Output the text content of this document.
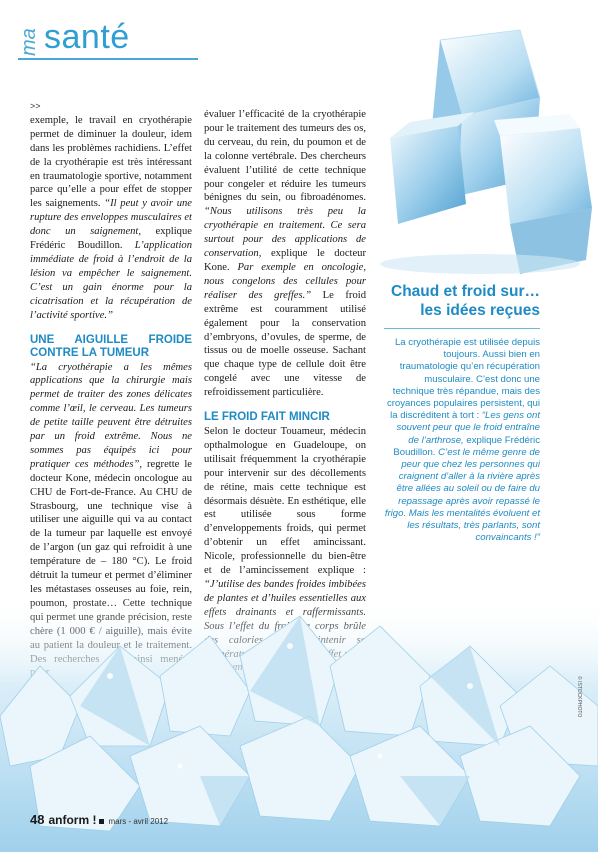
ma santé

>>

exemple, le travail en cryothérapie permet de diminuer la douleur, idem dans les problèmes rachidiens. L’effet de la cryothérapie est très intéressant en traumatologie sportive, notamment parce qu’elle a pour effet de stopper les saignements. “Il peut y avoir une rupture des enveloppes musculaires et donc un saignement, explique Frédéric Boudillon. L’application immédiate de froid à l’endroit de la lésion va empêcher le saignement. C’est un gain énorme pour la cicatrisation et la récupération de l’activité sportive.”

UNE AIGUILLE FROIDE CONTRE LA TUMEUR

“La cryothérapie a les mêmes applications que la chirurgie mais permet de traiter des zones délicates comme l’œil, le cerveau. Les tumeurs de petite taille peuvent être détruites par un froid extrême. Nous ne sommes pas équipés ici pour pratiquer ces méthodes”, regrette le docteur Kone, médecin oncologue au CHU de Fort-de-France. Au CHU de Strasbourg, une technique vise à utiliser une aiguille qui va au contact de la tumeur par laquelle est envoyé de l’argon (un gaz qui refroidit à une température de – 180 °C). Le froid détruit la tumeur et permet d’éliminer les métastases osseuses au foie, rein,

évaluer l’efficacité de la cryothérapie pour le traitement des tumeurs des os, du cerveau, du rein, du poumon et de la colonne vertébrale. Des chercheurs évaluent l’utilité de cette technique pour congeler et réduire les tumeurs bénignes du sein, ou fibroadénomes. “Nous utilisons très peu la cryothérapie en traitement. Ce sera surtout pour des applications de conservation, explique le docteur Kone. Par exemple en oncologie, nous congelons des cellules pour réaliser des greffes.” Le froid extrême est couramment utilisé également pour la conservation d’embryons, d’ovules, de sperme, de tissus ou de moelle osseuse. Sachant que chaque type de cellule doit être congelé avec une vitesse de refroidissement particulière.

LE FROID FAIT MINCIR

Selon le docteur Touameur, médecin opthalmologue en Guadeloupe, on utilisait fréquemment la cryothérapie pour intervenir sur des décollements de rétine, mais cette technique est désormais désuète. En esthétique, elle est utilisée sous forme d’enveloppements froids, qui permet d’obtenir un effet amincissant. Nicole, professionnelle du bien-être et de l’amincissement explique : “J’utilise des bandes froides imbibées

Chaud et froid sur… les idées reçues

La cryothérapie est utilisée depuis toujours. Aussi bien en traumatologie qu’en récupération musculaire. C’est donc une technique très répandue, mais des croyances populaires persistent, qui la discréditent à tort : “Les gens ont souvent peur que le froid entraîne de l’arthrose, explique Frédéric Boudillon. C’est le même genre de peur que chez les personnes qui craignent d’aller à la rivière après être allées au soleil ou de faire du repassage après avoir repassé le frigo. Mais les mentalités évoluent et les résultats, très parlants, sont convaincants !”

© ISTOCKPHOTO
48 anform ! mars - avril 2012
